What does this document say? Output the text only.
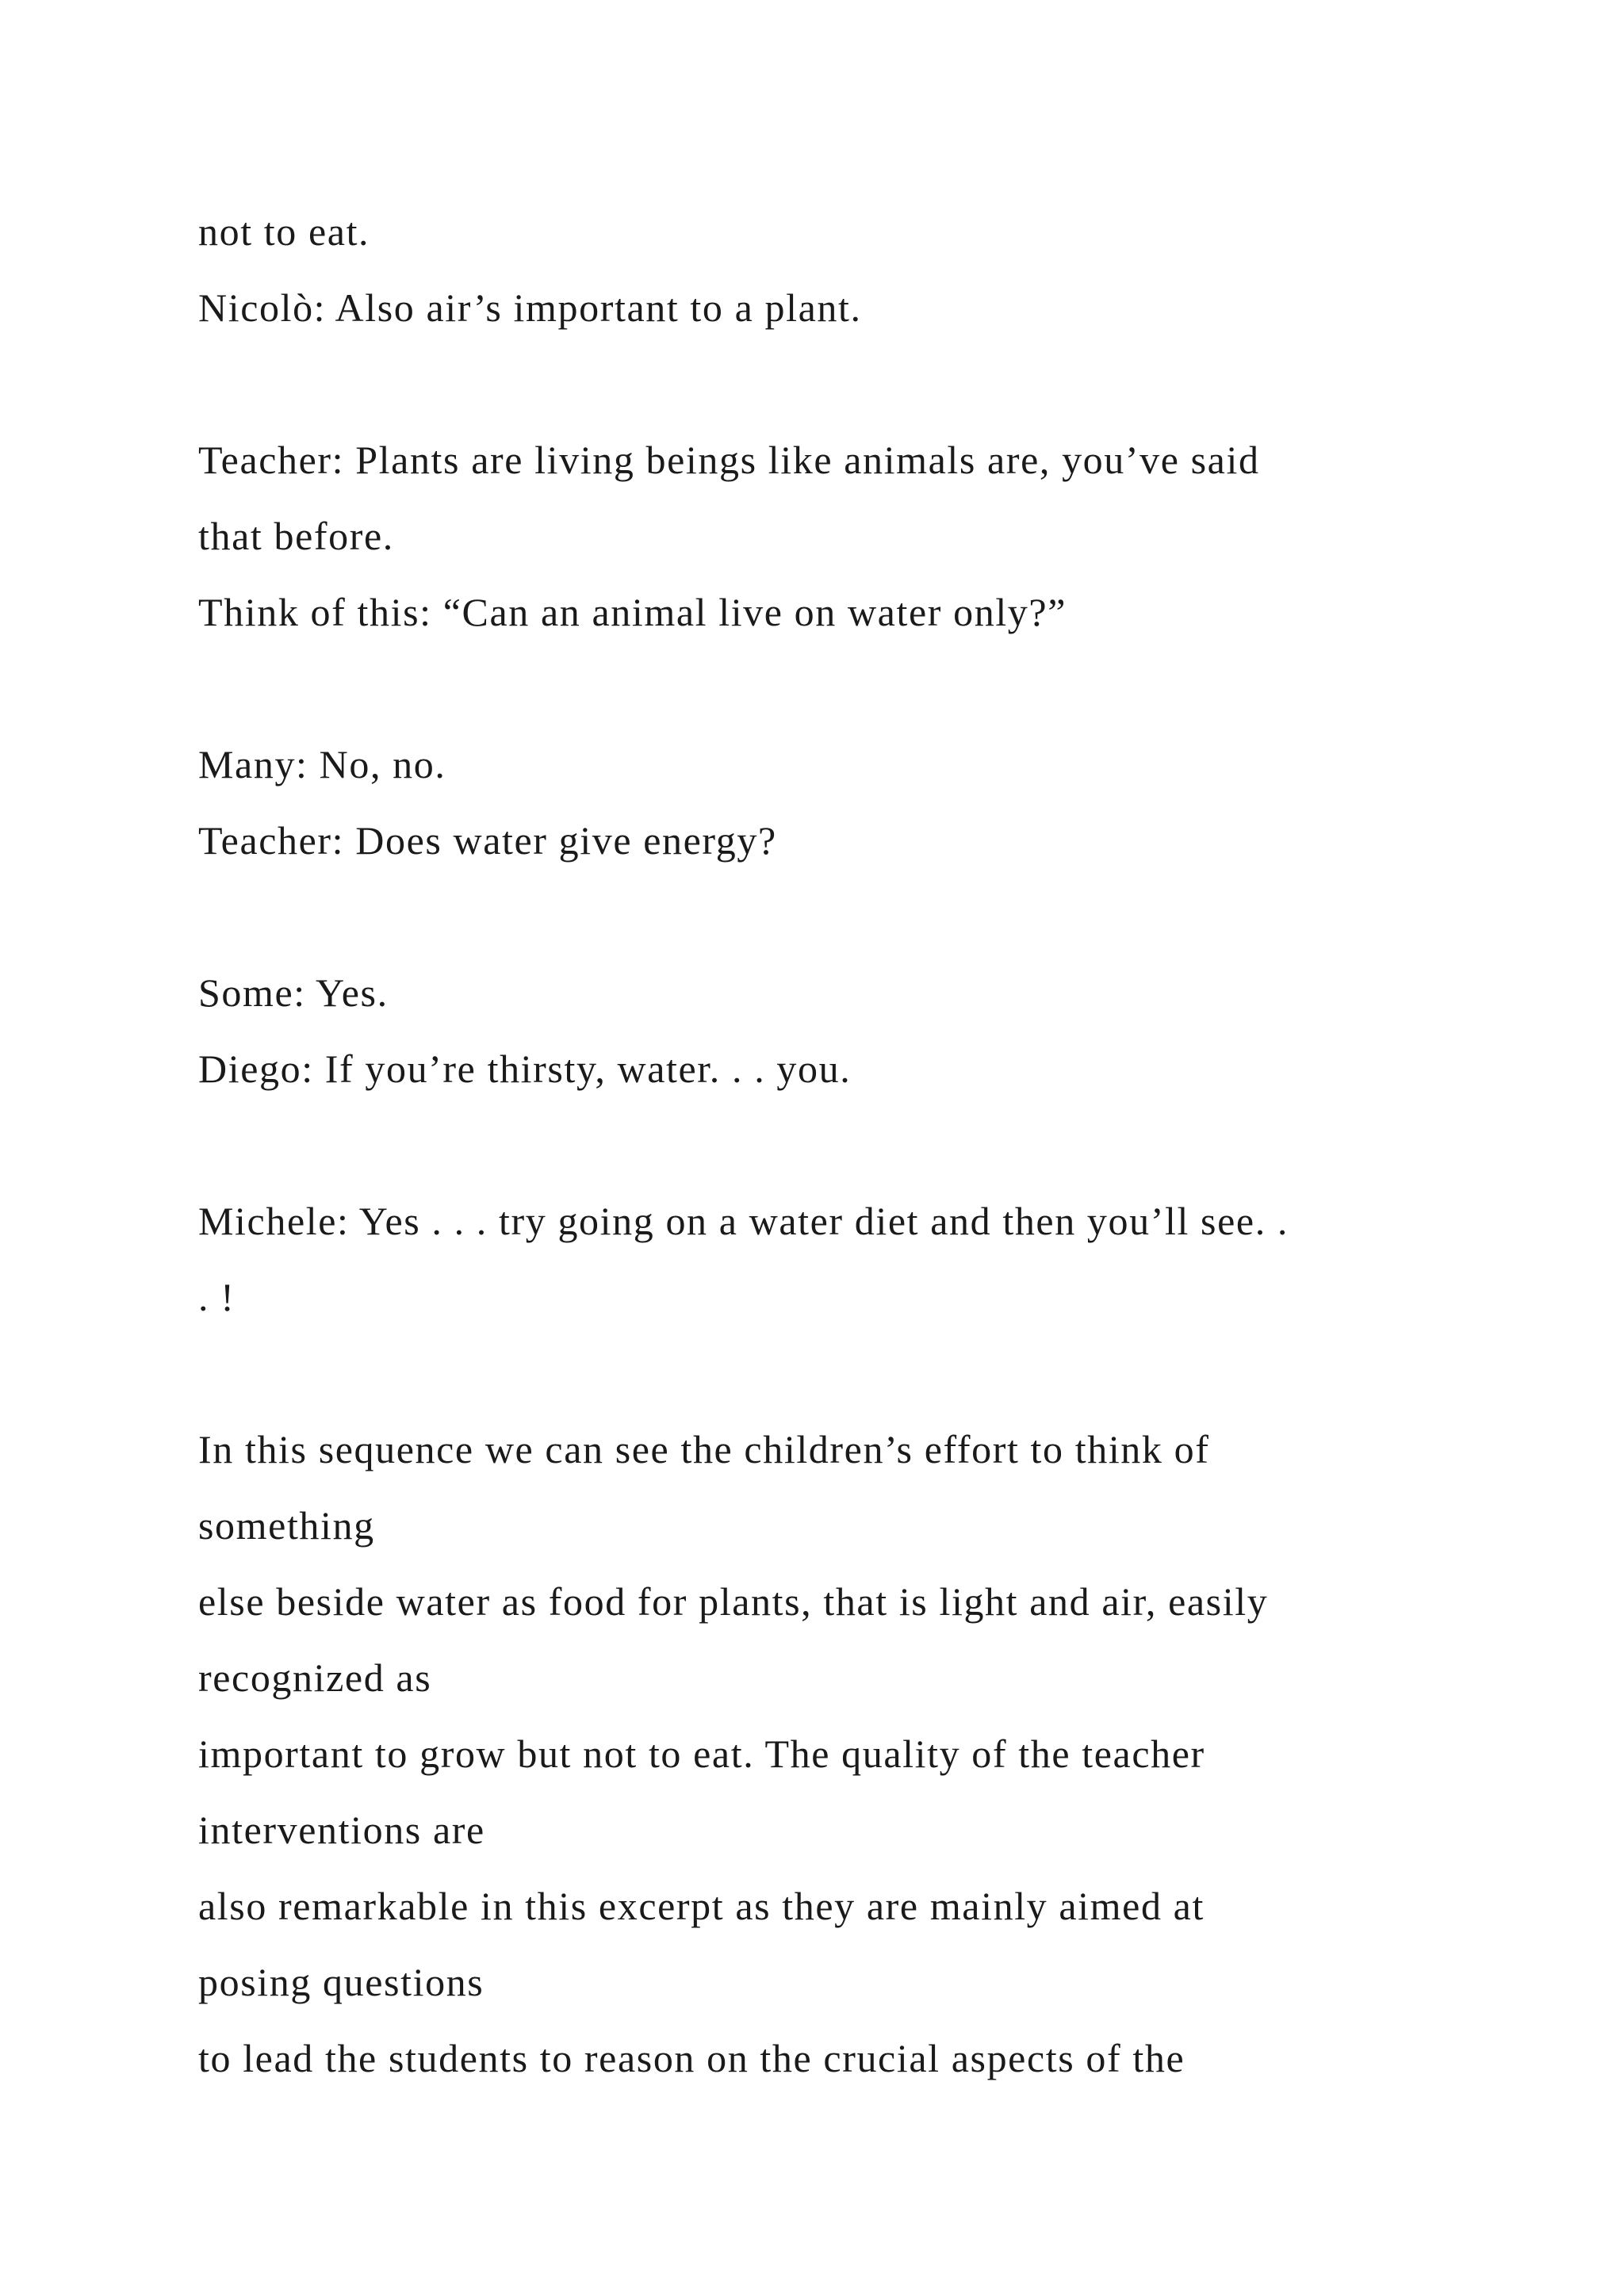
not to eat.
Nicolò: Also air’s important to a plant.
Teacher: Plants are living beings like animals are, you’ve said
that before.
Think of this: “Can an animal live on water only?”
Many: No, no.
Teacher: Does water give energy?
Some: Yes.
Diego: If you’re thirsty, water. . . you.
Michele: Yes . . . try going on a water diet and then you’ll see. .
. !
In this sequence we can see the children’s effort to think of
something
else beside water as food for plants, that is light and air, easily
recognized as
important to grow but not to eat. The quality of the teacher
interventions are
also remarkable in this excerpt as they are mainly aimed at
posing questions
to lead the students to reason on the crucial aspects of the
